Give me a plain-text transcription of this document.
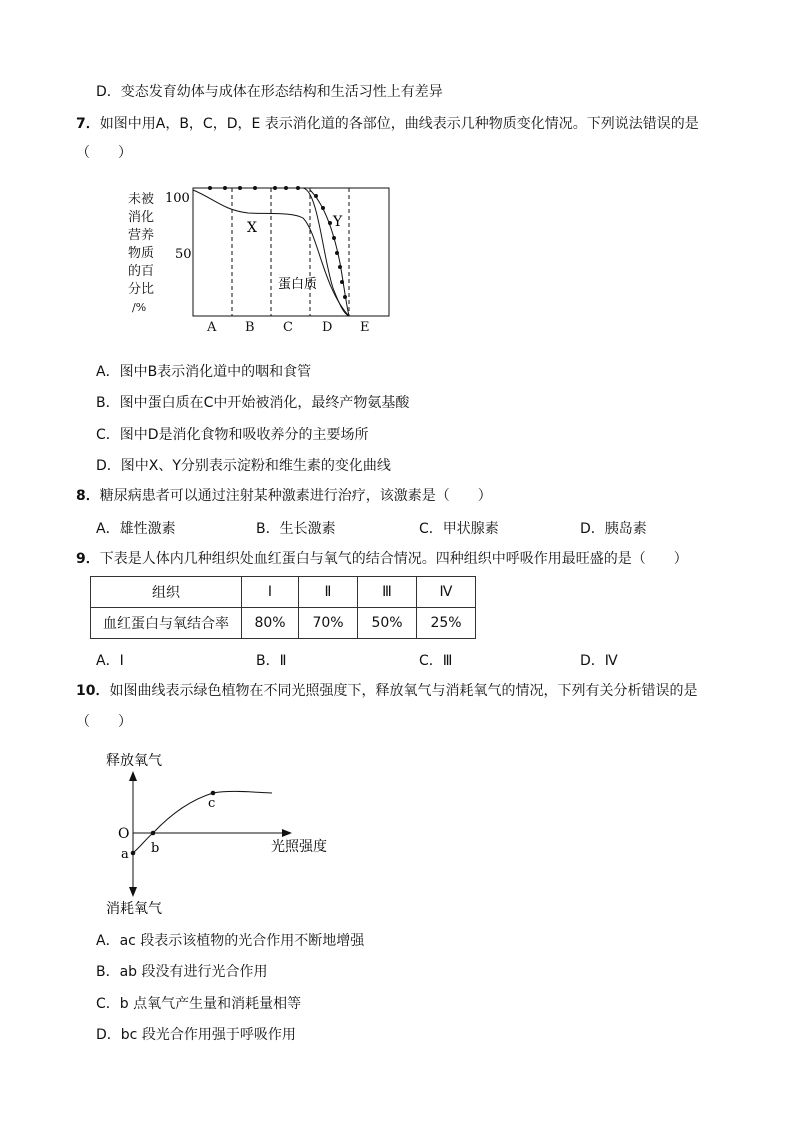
D．变态发育幼体与成体在形态结构和生活习性上有差异
7．如图中用A，B，C，D，E 表示消化道的各部位，曲线表示几种物质变化情况。下列说法错误的是
（　　）
未被
消化
营养
物质
的百
分比
/%
100
50
X	Y
蛋白质
A B C D E
A．图中B表示消化道中的咽和食管
B．图中蛋白质在C中开始被消化，最终产物氨基酸
C．图中D是消化食物和吸收养分的主要场所
D．图中X、Y分别表示淀粉和维生素的变化曲线
8．糖尿病患者可以通过注射某种激素进行治疗，该激素是（　　）
A．雄性激素	B．生长激素	C．甲状腺素	D．胰岛素
9．下表是人体内几种组织处血红蛋白与氧气的结合情况。四种组织中呼吸作用最旺盛的是（　　）
组织	Ⅰ	Ⅱ	Ⅲ	Ⅳ
血红蛋白与氧结合率	80%	70%	50%	25%
A．Ⅰ	B．Ⅱ	C．Ⅲ	D．Ⅳ
10．如图曲线表示绿色植物在不同光照强度下，释放氧气与消耗氧气的情况，下列有关分析错误的是
（　　）
释放氧气
消耗氧气
光照强度
O
a b
c
A．ac 段表示该植物的光合作用不断地增强
B．ab 段没有进行光合作用
C．b 点氧气产生量和消耗量相等
D．bc 段光合作用强于呼吸作用
